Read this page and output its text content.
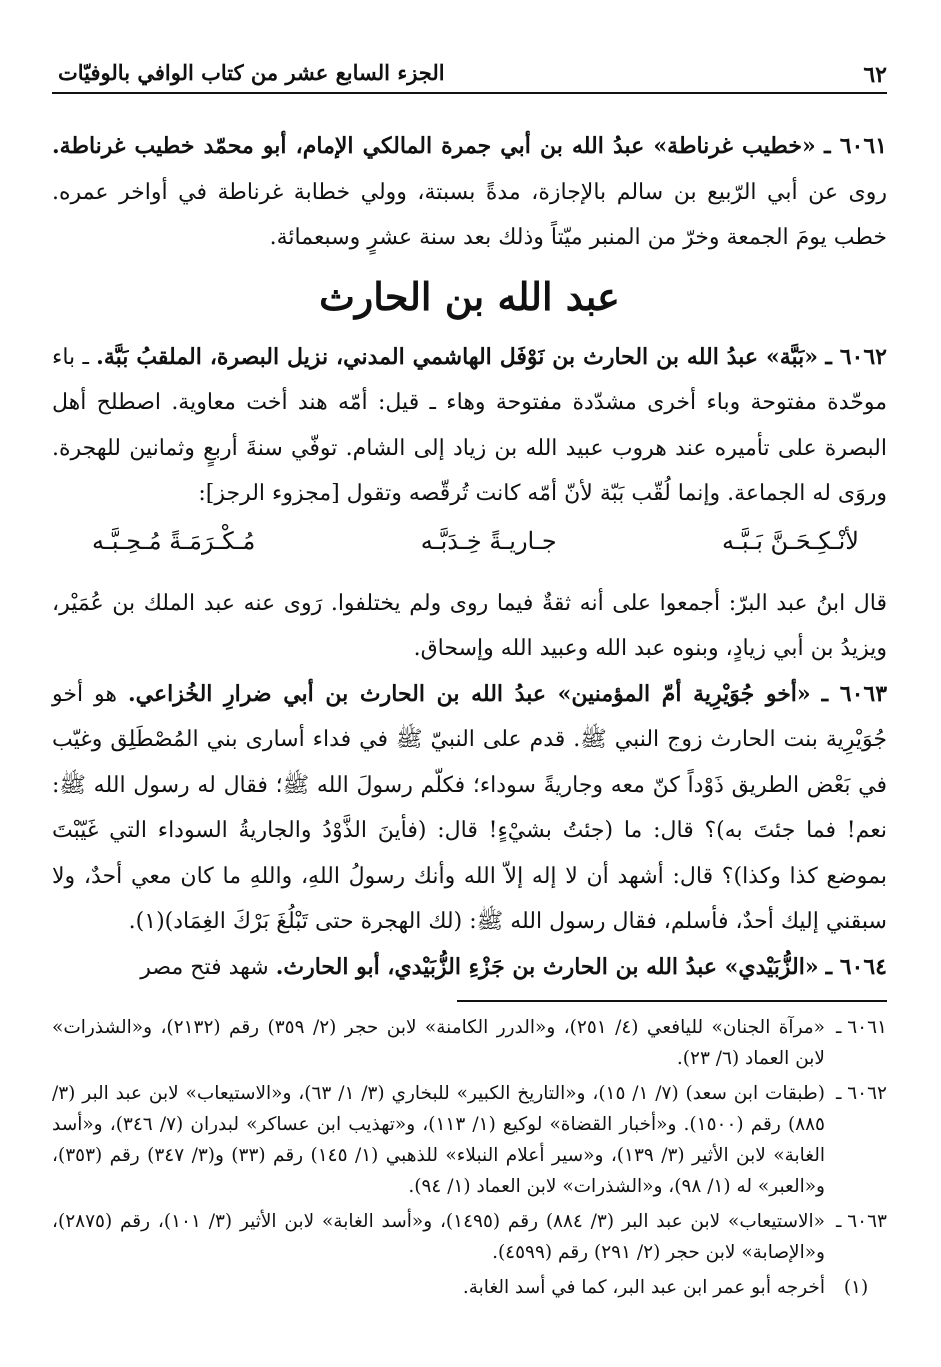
٦٢
الجزء السابع عشر من كتاب الوافي بالوفيّات

٦٠٦١ ـ «خطيب غرناطة» عبدُ الله بن أبي جمرة المالكي الإمام، أبو محمّد خطيب غرناطة. روى عن أبي الرّبيع بن سالم بالإجازة، مدةً بسبتة، وولي خطابة غرناطة في أواخر عمره. خطب يومَ الجمعة وخرّ من المنبر ميّتاً وذلك بعد سنة عشرٍ وسبعمائة.

عبد الله بن الحارث

٦٠٦٢ ـ «بَبَّة» عبدُ الله بن الحارث بن نَوْفَل الهاشمي المدني، نزيل البصرة، الملقبُ بَبَّة. ـ باء موحّدة مفتوحة وباء أخرى مشدّدة مفتوحة وهاء ـ قيل: أمّه هند أخت معاوية. اصطلح أهل البصرة على تأميره عند هروب عبيد الله بن زياد إلى الشام. توفّي سنةَ أربعٍ وثمانين للهجرة. وروَى له الجماعة. وإنما لُقّب بَبّة لأنّ أمّه كانت تُرقّصه وتقول [مجزوء الرجز]:

لأنْـكِـحَـنَّ بَـبَّـه
جـاريـةً خِـدَبَّـه
مُـكْـرَمَـةً مُـحِـبَّـه

قال ابنُ عبد البرّ: أجمعوا على أنه ثقةٌ فيما روى ولم يختلفوا. رَوى عنه عبد الملك بن عُمَيْر، ويزيدُ بن أبي زيادٍ، وبنوه عبد الله وعبيد الله وإسحاق.

٦٠٦٣ ـ «أخو جُوَيْرِية أمّ المؤمنين» عبدُ الله بن الحارث بن أبي ضرارِ الخُزاعي. هو أخو جُوَيْرِية بنت الحارث زوج النبي ﷺ. قدم على النبيّ ﷺ في فداء أسارى بني المُصْطَلِق وغيّب في بَعْض الطريق ذَوْداً كنّ معه وجاريةً سوداء؛ فكلّم رسولَ الله ﷺ؛ فقال له رسول الله ﷺ: نعم! فما جئتَ به)؟ قال: ما (جئتُ بشيْءٍ! قال: (فأينَ الذَّوْدُ والجاريةُ السوداء التي غَيّبْتَ بموضع كذا وكذا)؟ قال: أشهد أن لا إله إلاّ الله وأنك رسولُ اللهِ، واللهِ ما كان معي أحدٌ، ولا سبقني إليك أحدٌ، فأسلم، فقال رسول الله ﷺ: (لك الهجرة حتى تَبْلُغَ بَرْكَ الغِمَاد)(١).

٦٠٦٤ ـ «الزُّبَيْدي» عبدُ الله بن الحارث بن جَزْءِ الزُّبَيْدي، أبو الحارث. شهد فتح مصر

٦٠٦١ ـ
«مرآة الجنان» لليافعي (٤/ ٢٥١)، و«الدرر الكامنة» لابن حجر (٢/ ٣٥٩) رقم (٢١٣٢)، و«الشذرات» لابن العماد (٦/ ٢٣).
٦٠٦٢ ـ
(طبقات ابن سعد) (٧/ ١/ ١٥)، و«التاريخ الكبير» للبخاري (٣/ ١/ ٦٣)، و«الاستيعاب» لابن عبد البر (٣/ ٨٨٥) رقم (١٥٠٠). و«أخبار القضاة» لوكيع (١/ ١١٣)، و«تهذيب ابن عساكر» لبدران (٧/ ٣٤٦)، و«أسد الغابة» لابن الأثير (٣/ ١٣٩)، و«سير أعلام النبلاء» للذهبي (١/ ١٤٥) رقم (٣٣) و(٣/ ٣٤٧) رقم (٣٥٣)، و«العبر» له (١/ ٩٨)، و«الشذرات» لابن العماد (١/ ٩٤).
٦٠٦٣ ـ
«الاستيعاب» لابن عبد البر (٣/ ٨٨٤) رقم (١٤٩٥)، و«أسد الغابة» لابن الأثير (٣/ ١٠١)، رقم (٢٨٧٥)، و«الإصابة» لابن حجر (٢/ ٢٩١) رقم (٤٥٩٩).
(١)
أخرجه أبو عمر ابن عبد البر، كما في أسد الغابة.
